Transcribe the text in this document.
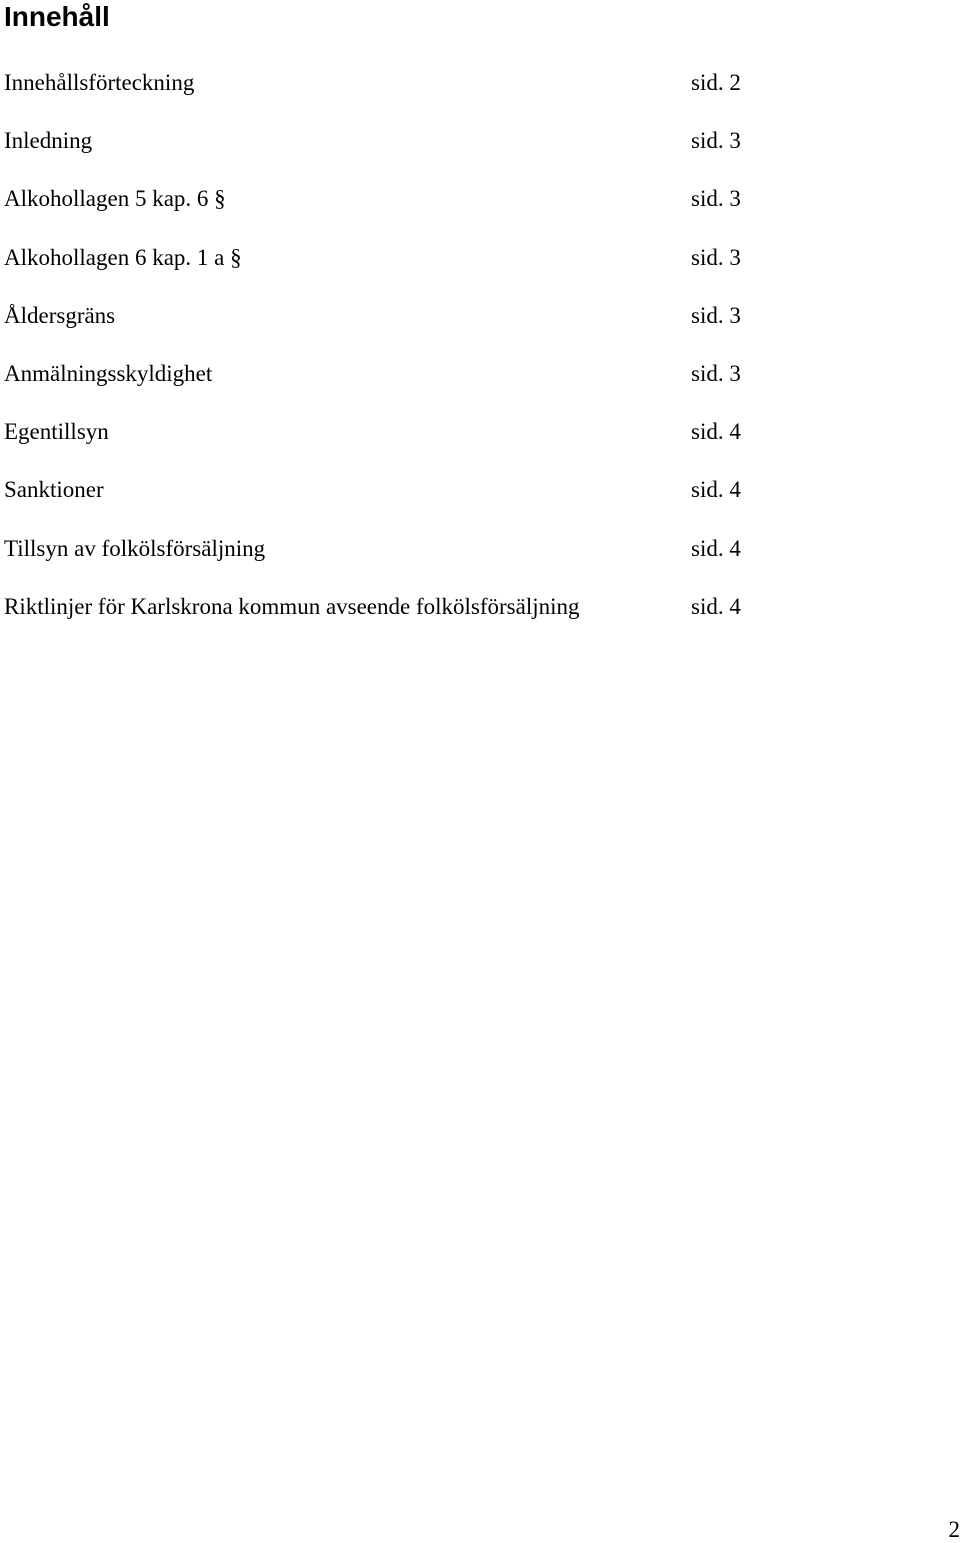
Innehåll
Innehållsförteckning	sid. 2
Inledning	sid. 3
Alkohollagen 5 kap. 6 §	sid. 3
Alkohollagen 6 kap. 1 a §	sid. 3
Åldersgräns	sid. 3
Anmälningsskyldighet	sid. 3
Egentillsyn	sid. 4
Sanktioner	sid. 4
Tillsyn av folkölsförsäljning	sid. 4
Riktlinjer för Karlskrona kommun avseende folkölsförsäljning	sid. 4
2
